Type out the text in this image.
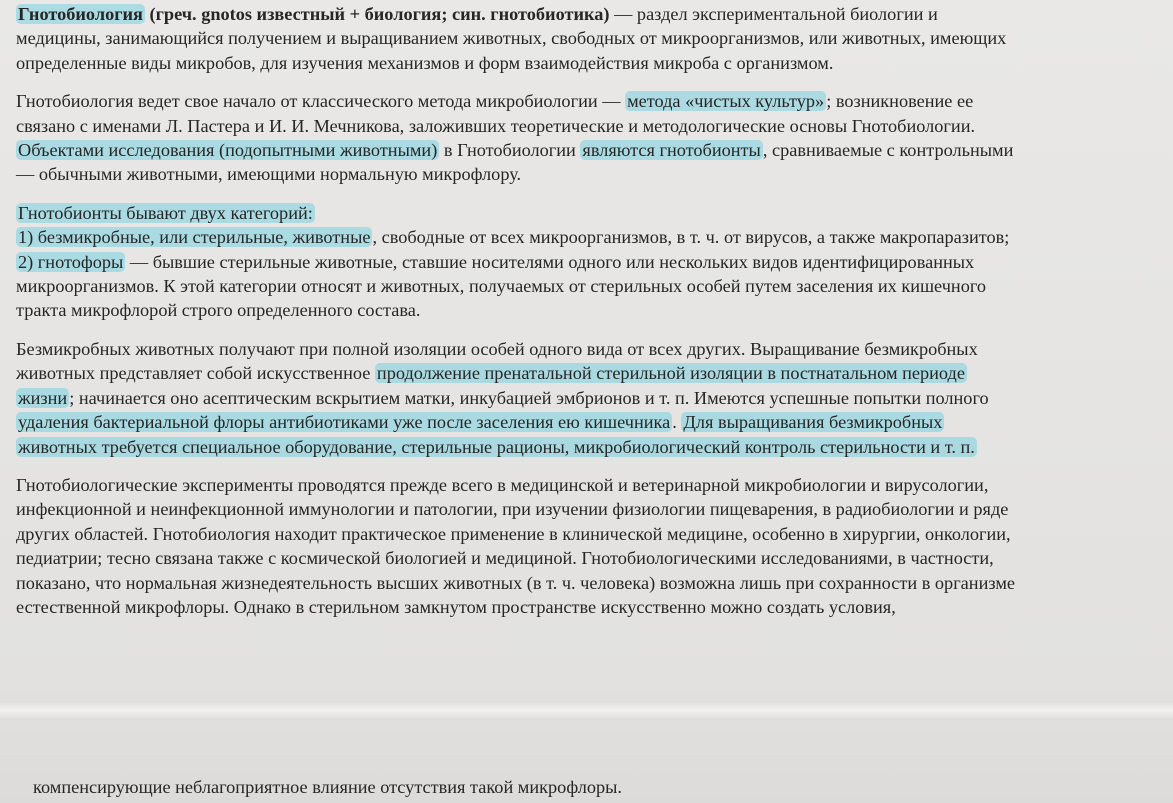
Гнотобиология (греч. gnotos известный + биология; син. гнотобиотика) — раздел экспериментальной биологии и
медицины, занимающийся получением и выращиванием животных, свободных от микроорганизмов, или животных, имеющих
определенные виды микробов, для изучения механизмов и форм взаимодействия микроба с организмом.
Гнотобиология ведет свое начало от классического метода микробиологии — метода «чистых культур» ; возникновение ее
связано с именами Л. Пастера и И. И. Мечникова, заложивших теоретические и методологические основы Гнотобиологии.
Объектами исследования (подопытными животными) в Гнотобиологии являются гнотобионты , сравниваемые с контрольными
— обычными животными, имеющими нормальную микрофлору.
Гнотобионты бывают двух категорий:
1) безмикробные, или стерильные, животные , свободные от всех микроорганизмов, в т. ч. от вирусов, а также макропаразитов;
2) гнотофоры — бывшие стерильные животные, ставшие носителями одного или нескольких видов идентифицированных
микроорганизмов. К этой категории относят и животных, получаемых от стерильных особей путем заселения их кишечного
тракта микрофлорой строго определенного состава.
Безмикробных животных получают при полной изоляции особей одного вида от всех других. Выращивание безмикробных
животных представляет собой искусственное продолжение пренатальной стерильной изоляции в постнатальном периоде
жизни ; начинается оно асептическим вскрытием матки, инкубацией эмбрионов и т. п. Имеются успешные попытки полного
удаления бактериальной флоры антибиотиками уже после заселения ею кишечника . Для выращивания безмикробных
животных требуется специальное оборудование, стерильные рационы, микробиологический контроль стерильности и т. п.
Гнотобиологические эксперименты проводятся прежде всего в медицинской и ветеринарной микробиологии и вирусологии,
инфекционной и неинфекционной иммунологии и патологии, при изучении физиологии пищеварения, в радиобиологии и ряде
других областей. Гнотобиология находит практическое применение в клинической медицине, особенно в хирургии, онкологии,
педиатрии; тесно связана также с космической биологией и медициной. Гнотобиологическими исследованиями, в частности,
показано, что нормальная жизнедеятельность высших животных (в т. ч. человека) возможна лишь при сохранности в организме
естественной микрофлоры. Однако в стерильном замкнутом пространстве искусственно можно создать условия,
компенсирующие неблагоприятное влияние отсутствия такой микрофлоры.
